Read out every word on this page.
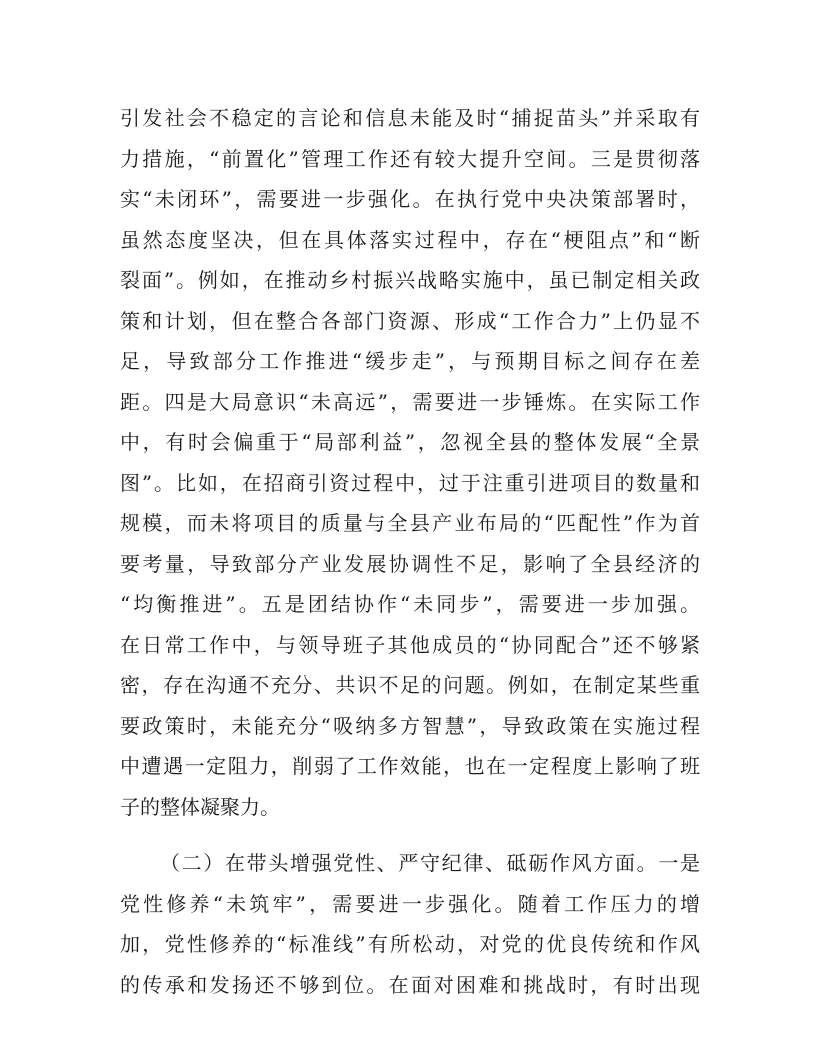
引发社会不稳定的言论和信息未能及时“捕捉苗头”并采取有
力措施，“前置化”管理工作还有较大提升空间。三是贯彻落
实“未闭环”，需要进一步强化。在执行党中央决策部署时，
虽然态度坚决，但在具体落实过程中，存在“梗阻点”和“断
裂面”。例如，在推动乡村振兴战略实施中，虽已制定相关政
策和计划，但在整合各部门资源、形成“工作合力”上仍显不
足，导致部分工作推进“缓步走”，与预期目标之间存在差
距。四是大局意识“未高远”，需要进一步锤炼。在实际工作
中，有时会偏重于“局部利益”，忽视全县的整体发展“全景
图”。比如，在招商引资过程中，过于注重引进项目的数量和
规模，而未将项目的质量与全县产业布局的“匹配性”作为首
要考量，导致部分产业发展协调性不足，影响了全县经济的
“均衡推进”。五是团结协作“未同步”，需要进一步加强。
在日常工作中，与领导班子其他成员的“协同配合”还不够紧
密，存在沟通不充分、共识不足的问题。例如，在制定某些重
要政策时，未能充分“吸纳多方智慧”，导致政策在实施过程
中遭遇一定阻力，削弱了工作效能，也在一定程度上影响了班
子的整体凝聚力。
（二）在带头增强党性、严守纪律、砥砺作风方面。一是
党性修养“未筑牢”，需要进一步强化。随着工作压力的增
加，党性修养的“标准线”有所松动，对党的优良传统和作风
的传承和发扬还不够到位。在面对困难和挑战时，有时出现
